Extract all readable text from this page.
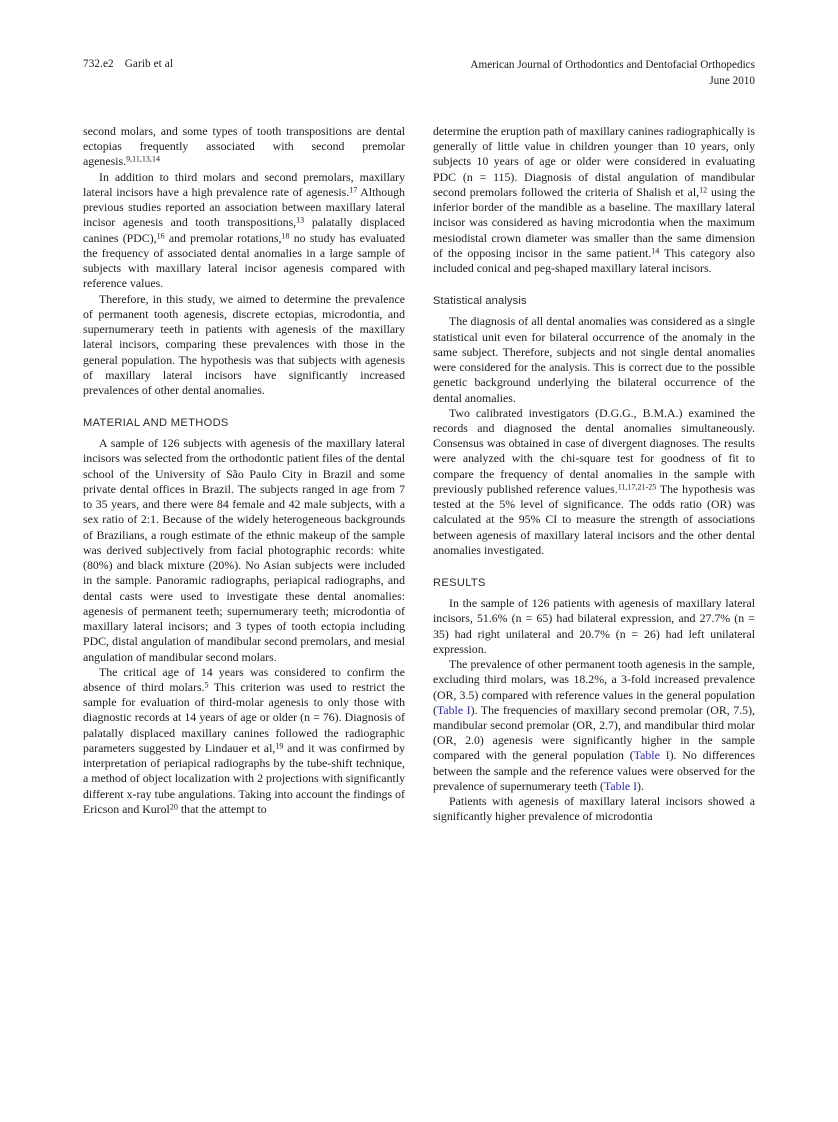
732.e2 Garib et al	American Journal of Orthodontics and Dentofacial Orthopedics
June 2010

second molars, and some types of tooth transpositions are dental ectopias frequently associated with second premolar agenesis.$^{9,11,13,14}$

In addition to third molars and second premolars, maxillary lateral incisors have a high prevalence rate of agenesis.$^{17}$ Although previous studies reported an association between maxillary lateral incisor agenesis and tooth transpositions,$^{13}$ palatally displaced canines (PDC),$^{16}$ and premolar rotations,$^{18}$ no study has evaluated the frequency of associated dental anomalies in a large sample of subjects with maxillary lateral incisor agenesis compared with reference values.

Therefore, in this study, we aimed to determine the prevalence of permanent tooth agenesis, discrete ectopias, microdontia, and supernumerary teeth in patients with agenesis of the maxillary lateral incisors, comparing these prevalences with those in the general population. The hypothesis was that subjects with agenesis of maxillary lateral incisors have significantly increased prevalences of other dental anomalies.

MATERIAL AND METHODS

A sample of 126 subjects with agenesis of the maxillary lateral incisors was selected from the orthodontic patient files of the dental school of the University of São Paulo City in Brazil and some private dental offices in Brazil. The subjects ranged in age from 7 to 35 years, and there were 84 female and 42 male subjects, with a sex ratio of 2:1. Because of the widely heterogeneous backgrounds of Brazilians, a rough estimate of the ethnic makeup of the sample was derived subjectively from facial photographic records: white (80%) and black mixture (20%). No Asian subjects were included in the sample. Panoramic radiographs, periapical radiographs, and dental casts were used to investigate these dental anomalies: agenesis of permanent teeth; supernumerary teeth; microdontia of maxillary lateral incisors; and 3 types of tooth ectopia including PDC, distal angulation of mandibular second premolars, and mesial angulation of mandibular second molars.

The critical age of 14 years was considered to confirm the absence of third molars.$^5$ This criterion was used to restrict the sample for evaluation of third-molar agenesis to only those with diagnostic records at 14 years of age or older (n = 76). Diagnosis of palatally displaced maxillary canines followed the radiographic parameters suggested by Lindauer et al,$^{19}$ and it was confirmed by interpretation of periapical radiographs by the tube-shift technique, a method of object localization with 2 projections with significantly different x-ray tube angulations. Taking into account the findings of Ericson and Kurol$^{20}$ that the attempt to

determine the eruption path of maxillary canines radiographically is generally of little value in children younger than 10 years, only subjects 10 years of age or older were considered in evaluating PDC (n = 115). Diagnosis of distal angulation of mandibular second premolars followed the criteria of Shalish et al,$^{12}$ using the inferior border of the mandible as a baseline. The maxillary lateral incisor was considered as having microdontia when the maximum mesiodistal crown diameter was smaller than the same dimension of the opposing incisor in the same patient.$^{14}$ This category also included conical and peg-shaped maxillary lateral incisors.

Statistical analysis

The diagnosis of all dental anomalies was considered as a single statistical unit even for bilateral occurrence of the anomaly in the same subject. Therefore, subjects and not single dental anomalies were considered for the analysis. This is correct due to the possible genetic background underlying the bilateral occurrence of the dental anomalies.

Two calibrated investigators (D.G.G., B.M.A.) examined the records and diagnosed the dental anomalies simultaneously. Consensus was obtained in case of divergent diagnoses. The results were analyzed with the chi-square test for goodness of fit to compare the frequency of dental anomalies in the sample with previously published reference values.$^{11,17,21-25}$ The hypothesis was tested at the 5% level of significance. The odds ratio (OR) was calculated at the 95% CI to measure the strength of associations between agenesis of maxillary lateral incisors and the other dental anomalies investigated.

RESULTS

In the sample of 126 patients with agenesis of maxillary lateral incisors, 51.6% (n = 65) had bilateral expression, and 27.7% (n = 35) had right unilateral and 20.7% (n = 26) had left unilateral expression.

The prevalence of other permanent tooth agenesis in the sample, excluding third molars, was 18.2%, a 3-fold increased prevalence (OR, 3.5) compared with reference values in the general population (Table I). The frequencies of maxillary second premolar (OR, 7.5), mandibular second premolar (OR, 2.7), and mandibular third molar (OR, 2.0) agenesis were significantly higher in the sample compared with the general population (Table I). No differences between the sample and the reference values were observed for the prevalence of supernumerary teeth (Table I).

Patients with agenesis of maxillary lateral incisors showed a significantly higher prevalence of microdontia
